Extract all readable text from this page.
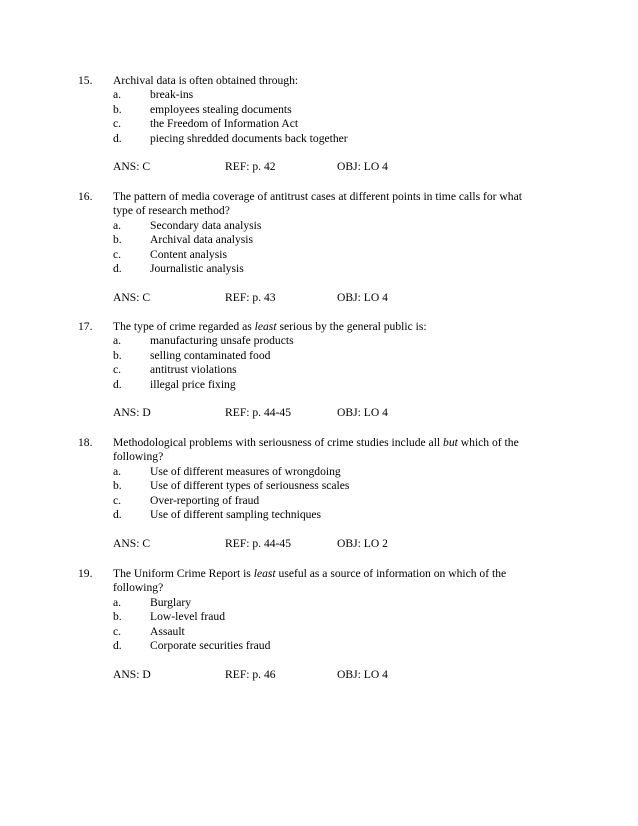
15. Archival data is often obtained through:

a.	break-ins
b.	employees stealing documents
c.	the Freedom of Information Act
d.	piecing shredded documents back together
ANS: C	REF: p. 42	OBJ: LO 4
16. The pattern of media coverage of antitrust cases at different points in time calls for what
type of research method?

a.	Secondary data analysis
b.	Archival data analysis
c.	Content analysis
d.	Journalistic analysis
ANS: C	REF: p. 43	OBJ: LO 4
17. The type of crime regarded as least serious by the general public is:

a.	manufacturing unsafe products
b.	selling contaminated food
c.	antitrust violations
d.	illegal price fixing
ANS: D	REF: p. 44-45	OBJ: LO 4
18. Methodological problems with seriousness of crime studies include all but which of the
following?

a.	Use of different measures of wrongdoing
b.	Use of different types of seriousness scales
c.	Over-reporting of fraud
d.	Use of different sampling techniques
ANS: C	REF: p. 44-45	OBJ: LO 2
19. The Uniform Crime Report is least useful as a source of information on which of the
following?

a.	Burglary
b.	Low-level fraud
c.	Assault
d.	Corporate securities fraud
ANS: D	REF: p. 46	OBJ: LO 4
